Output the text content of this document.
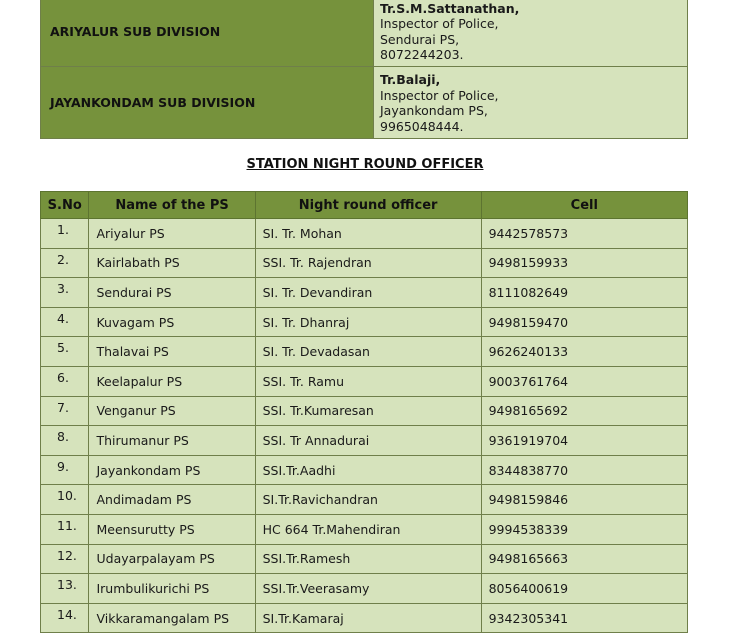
ARIYALUR SUB DIVISION	Tr.S.M.Sattanathan,
Inspector of Police,
Sendurai PS,
8072244203.

JAYANKONDAM SUB DIVISION	Tr.Balaji,
Inspector of Police,
Jayankondam PS,
9965048444.
STATION NIGHT ROUND OFFICER
S.No	Name of the PS	Night round officer	Cell
1.	Ariyalur PS	SI. Tr. Mohan	9442578573
2.	Kairlabath PS	SSI. Tr. Rajendran	9498159933
3.	Sendurai PS	SI. Tr. Devandiran	8111082649
4.	Kuvagam PS	SI. Tr. Dhanraj	9498159470
5.	Thalavai PS	SI. Tr. Devadasan	9626240133
6.	Keelapalur PS	SSI. Tr. Ramu	9003761764
7.	Venganur PS	SSI. Tr.Kumaresan	9498165692
8.	Thirumanur PS	SSI. Tr Annadurai	9361919704
9.	Jayankondam PS	SSI.Tr.Aadhi	8344838770
10.	Andimadam PS	SI.Tr.Ravichandran	9498159846
11.	Meensurutty PS	HC 664 Tr.Mahendiran	9994538339
12.	Udayarpalayam PS	SSI.Tr.Ramesh	9498165663
13.	Irumbulikurichi PS	SSI.Tr.Veerasamy	8056400619
14.	Vikkaramangalam PS	SI.Tr.Kamaraj	9342305341
